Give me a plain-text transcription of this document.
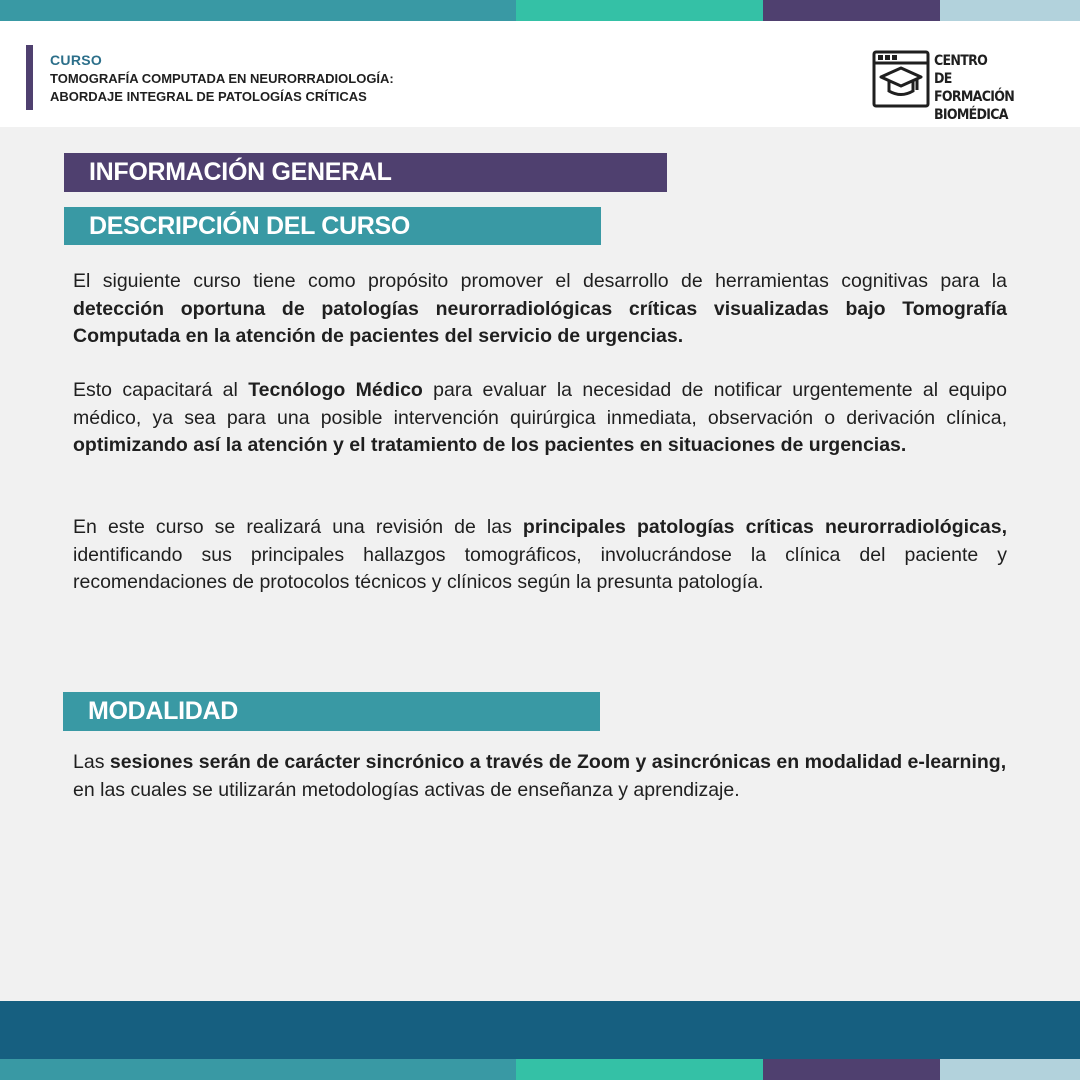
CURSO
TOMOGRAFÍA COMPUTADA EN NEURORRADIOLOGÍA:
ABORDAJE INTEGRAL DE PATOLOGÍAS CRÍTICAS
CENTRO
DE FORMACIÓN
BIOMÉDICA
INFORMACIÓN GENERAL
DESCRIPCIÓN DEL CURSO

El siguiente curso tiene como propósito promover el desarrollo de herramientas cognitivas para la detección oportuna de patologías neurorradiológicas críticas visualizadas bajo Tomografía Computada en la atención de pacientes del servicio de urgencias.

Esto capacitará al Tecnólogo Médico para evaluar la necesidad de notificar urgentemente al equipo médico, ya sea para una posible intervención quirúrgica inmediata, observación o derivación clínica, optimizando así la atención y el tratamiento de los pacientes en situaciones de urgencias.

En este curso se realizará una revisión de las principales patologías críticas neurorradiológicas, identificando sus principales hallazgos tomográficos, involucrándose la clínica del paciente y recomendaciones de protocolos técnicos y clínicos según la presunta patología.

MODALIDAD

Las sesiones serán de carácter sincrónico a través de Zoom y asincrónicas en modalidad e-learning, en las cuales se utilizarán metodologías activas de enseñanza y aprendizaje.
